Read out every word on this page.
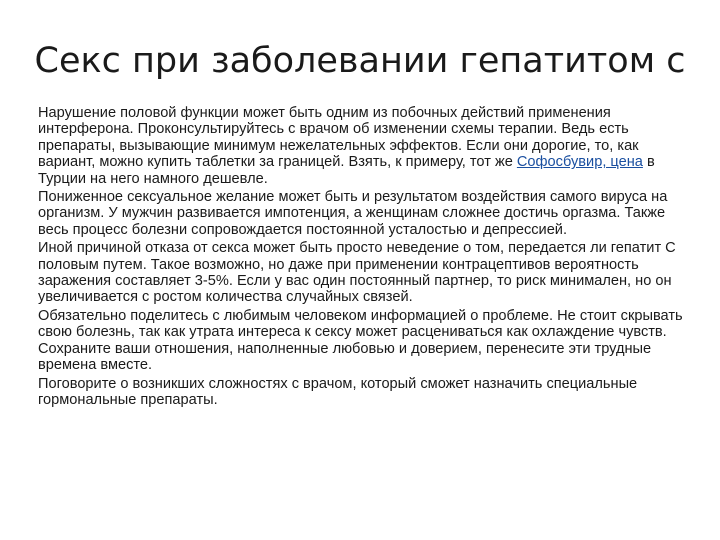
Секс при заболевании гепатитом с

Нарушение половой функции может быть одним из побочных действий применения интерферона. Проконсультируйтесь с врачом об изменении схемы терапии. Ведь есть препараты, вызывающие минимум нежелательных эффектов. Если они дорогие, то, как вариант, можно купить таблетки за границей. Взять, к примеру, тот же Софосбувир, цена в Турции на него намного дешевле.

Пониженное сексуальное желание может быть и результатом воздействия самого вируса на организм. У мужчин развивается импотенция, а женщинам сложнее достичь оргазма. Также весь процесс болезни сопровождается постоянной усталостью и депрессией.

Иной причиной отказа от секса может быть просто неведение о том, передается ли гепатит С половым путем. Такое возможно, но даже при применении контрацептивов вероятность заражения составляет 3-5%. Если у вас один постоянный партнер, то риск минимален, но он увеличивается с ростом количества случайных связей.

Обязательно поделитесь с любимым человеком информацией о проблеме. Не стоит скрывать свою болезнь, так как утрата интереса к сексу может расцениваться как охлаждение чувств. Сохраните ваши отношения, наполненные любовью и доверием, перенесите эти трудные времена вместе.

Поговорите о возникших сложностях с врачом, который сможет назначить специальные гормональные препараты.
